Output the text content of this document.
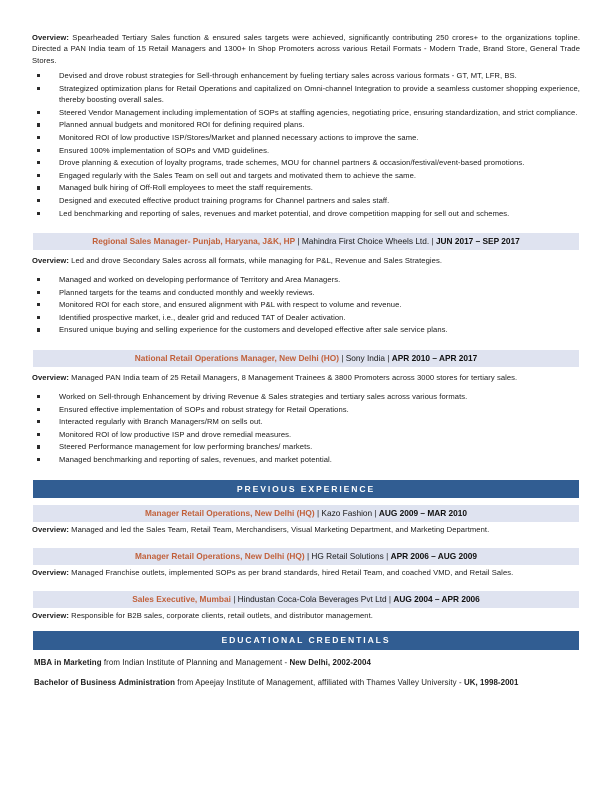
Overview: Spearheaded Tertiary Sales function & ensured sales targets were achieved, significantly contributing 250 crores+ to the organizations topline. Directed a PAN India team of 15 Retail Managers and 1300+ In Shop Promoters across various Retail Formats - Modern Trade, Brand Store, General Trade Stores.

Devised and drove robust strategies for Sell-through enhancement by fueling tertiary sales across various formats - GT, MT, LFR, BS.
Strategized optimization plans for Retail Operations and capitalized on Omni-channel Integration to provide a seamless customer shopping experience, thereby boosting overall sales.
Steered Vendor Management including implementation of SOPs at staffing agencies, negotiating price, ensuring standardization, and strict compliance.
Planned annual budgets and monitored ROI for defining required plans.
Monitored ROI of low productive ISP/Stores/Market and planned necessary actions to improve the same.
Ensured 100% implementation of SOPs and VMD guidelines.
Drove planning & execution of loyalty programs, trade schemes, MOU for channel partners & occasion/festival/event-based promotions.
Engaged regularly with the Sales Team on sell out and targets and motivated them to achieve the same.
Managed bulk hiring of Off-Roll employees to meet the staff requirements.
Designed and executed effective product training programs for Channel partners and sales staff.
Led benchmarking and reporting of sales, revenues and market potential, and drove competition mapping for sell out and schemes.
Regional Sales Manager- Punjab, Haryana, J&K, HP | Mahindra First Choice Wheels Ltd. | JUN 2017 – SEP 2017

Overview: Led and drove Secondary Sales across all formats, while managing for P&L, Revenue and Sales Strategies.

Managed and worked on developing performance of Territory and Area Managers.
Planned targets for the teams and conducted monthly and weekly reviews.
Monitored ROI for each store, and ensured alignment with P&L with respect to volume and revenue.
Identified prospective market, i.e., dealer grid and reduced TAT of Dealer activation.
Ensured unique buying and selling experience for the customers and developed effective after sale service plans.
National Retail Operations Manager, New Delhi (HO) | Sony India | APR 2010 – APR 2017

Overview: Managed PAN India team of 25 Retail Managers, 8 Management Trainees & 3800 Promoters across 3000 stores for tertiary sales.

Worked on Sell-through Enhancement by driving Revenue & Sales strategies and tertiary sales across various formats.
Ensured effective implementation of SOPs and robust strategy for Retail Operations.
Interacted regularly with Branch Managers/RM on sells out.
Monitored ROI of low productive ISP and drove remedial measures.
Steered Performance management for low performing branches/ markets.
Managed benchmarking and reporting of sales, revenues, and market potential.
PREVIOUS EXPERIENCE
Manager Retail Operations, New Delhi (HQ) | Kazo Fashion | AUG 2009 – MAR 2010

Overview: Managed and led the Sales Team, Retail Team, Merchandisers, Visual Marketing Department, and Marketing Department.

Manager Retail Operations, New Delhi (HQ) | HG Retail Solutions | APR 2006 – AUG 2009

Overview: Managed Franchise outlets, implemented SOPs as per brand standards, hired Retail Team, and coached VMD, and Retail Sales.

Sales Executive, Mumbai | Hindustan Coca-Cola Beverages Pvt Ltd | AUG 2004 – APR 2006

Overview: Responsible for B2B sales, corporate clients, retail outlets, and distributor management.

EDUCATIONAL CREDENTIALS

MBA in Marketing from Indian Institute of Planning and Management - New Delhi, 2002-2004

Bachelor of Business Administration from Apeejay Institute of Management, affiliated with Thames Valley University - UK, 1998-2001
